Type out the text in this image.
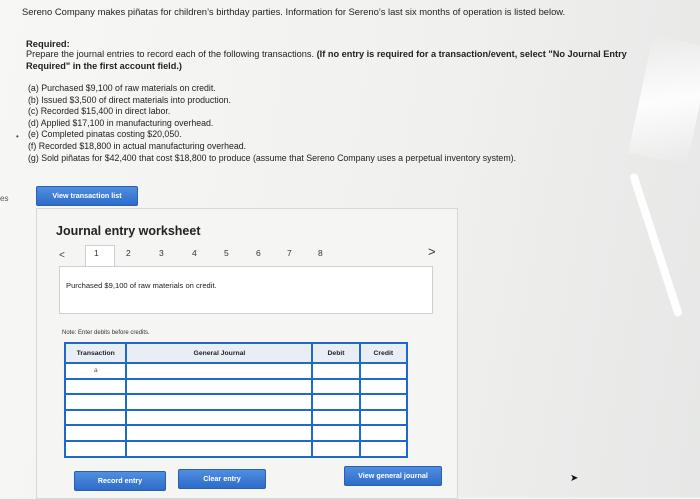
es
Sereno Company makes piñatas for children’s birthday parties. Information for Sereno’s last six months of operation is listed below.
Required:
Prepare the journal entries to record each of the following transactions. (If no entry is required for a transaction/event, select "No Journal Entry Required" in the first account field.)
•
(a) Purchased $9,100 of raw materials on credit.
(b) Issued $3,500 of direct materials into production.
(c) Recorded $15,400 in direct labor.
(d) Applied $17,100 in manufacturing overhead.
(e) Completed pinatas costing $20,050.
(f) Recorded $18,800 in actual manufacturing overhead.
(g) Sold piñatas for $42,400 that cost $18,800 to produce (assume that Sereno Company uses a perpetual inventory system).
View transaction list
Journal entry worksheet
<	1	2	3	4	5	6	7	8	>
Purchased $9,100 of raw materials on credit.
Note: Enter debits before credits.
Transaction	General Journal	Debit	Credit
a			

Record entry	Clear entry	View general journal	➤
